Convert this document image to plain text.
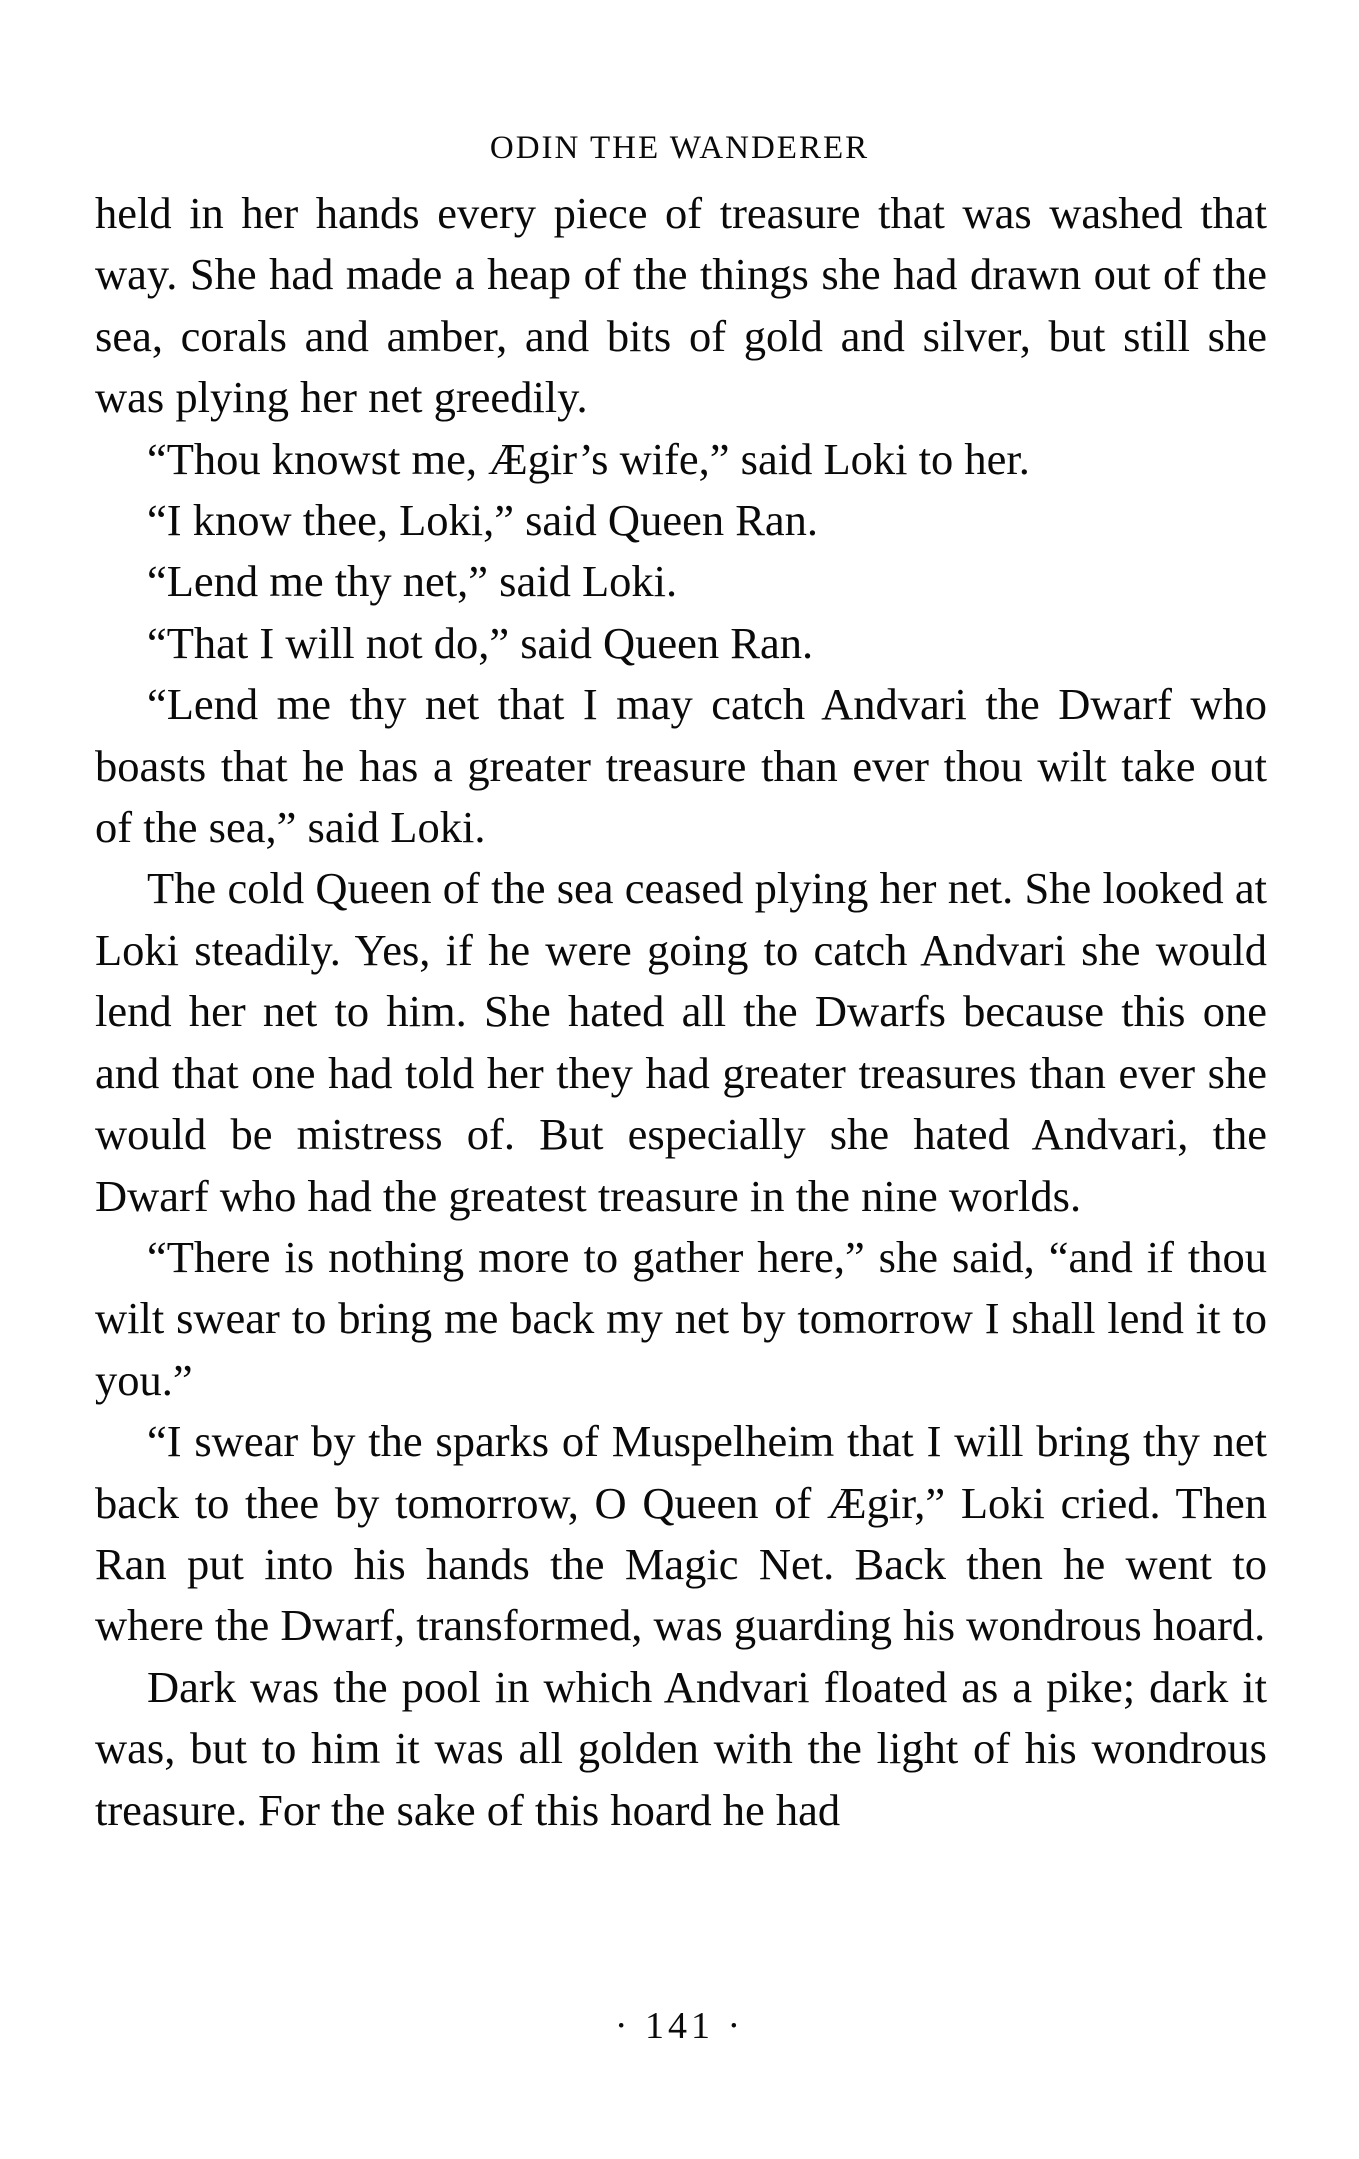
ODIN THE WANDERER

held in her hands every piece of treasure that was washed that way. She had made a heap of the things she had drawn out of the sea, corals and amber, and bits of gold and silver, but still she was plying her net greedily.

“Thou knowst me, Ægir’s wife,” said Loki to her.

“I know thee, Loki,” said Queen Ran.

“Lend me thy net,” said Loki.

“That I will not do,” said Queen Ran.

“Lend me thy net that I may catch Andvari the Dwarf who boasts that he has a greater treasure than ever thou wilt take out of the sea,” said Loki.

The cold Queen of the sea ceased plying her net. She looked at Loki steadily. Yes, if he were going to catch Andvari she would lend her net to him. She hated all the Dwarfs because this one and that one had told her they had greater treasures than ever she would be mistress of. But especially she hated Andvari, the Dwarf who had the greatest treasure in the nine worlds.

“There is nothing more to gather here,” she said, “and if thou wilt swear to bring me back my net by tomorrow I shall lend it to you.”

“I swear by the sparks of Muspelheim that I will bring thy net back to thee by tomorrow, O Queen of Ægir,” Loki cried. Then Ran put into his hands the Magic Net. Back then he went to where the Dwarf, transformed, was guarding his wondrous hoard.

Dark was the pool in which Andvari floated as a pike; dark it was, but to him it was all golden with the light of his wondrous treasure. For the sake of this hoard he had

· 141 ·
